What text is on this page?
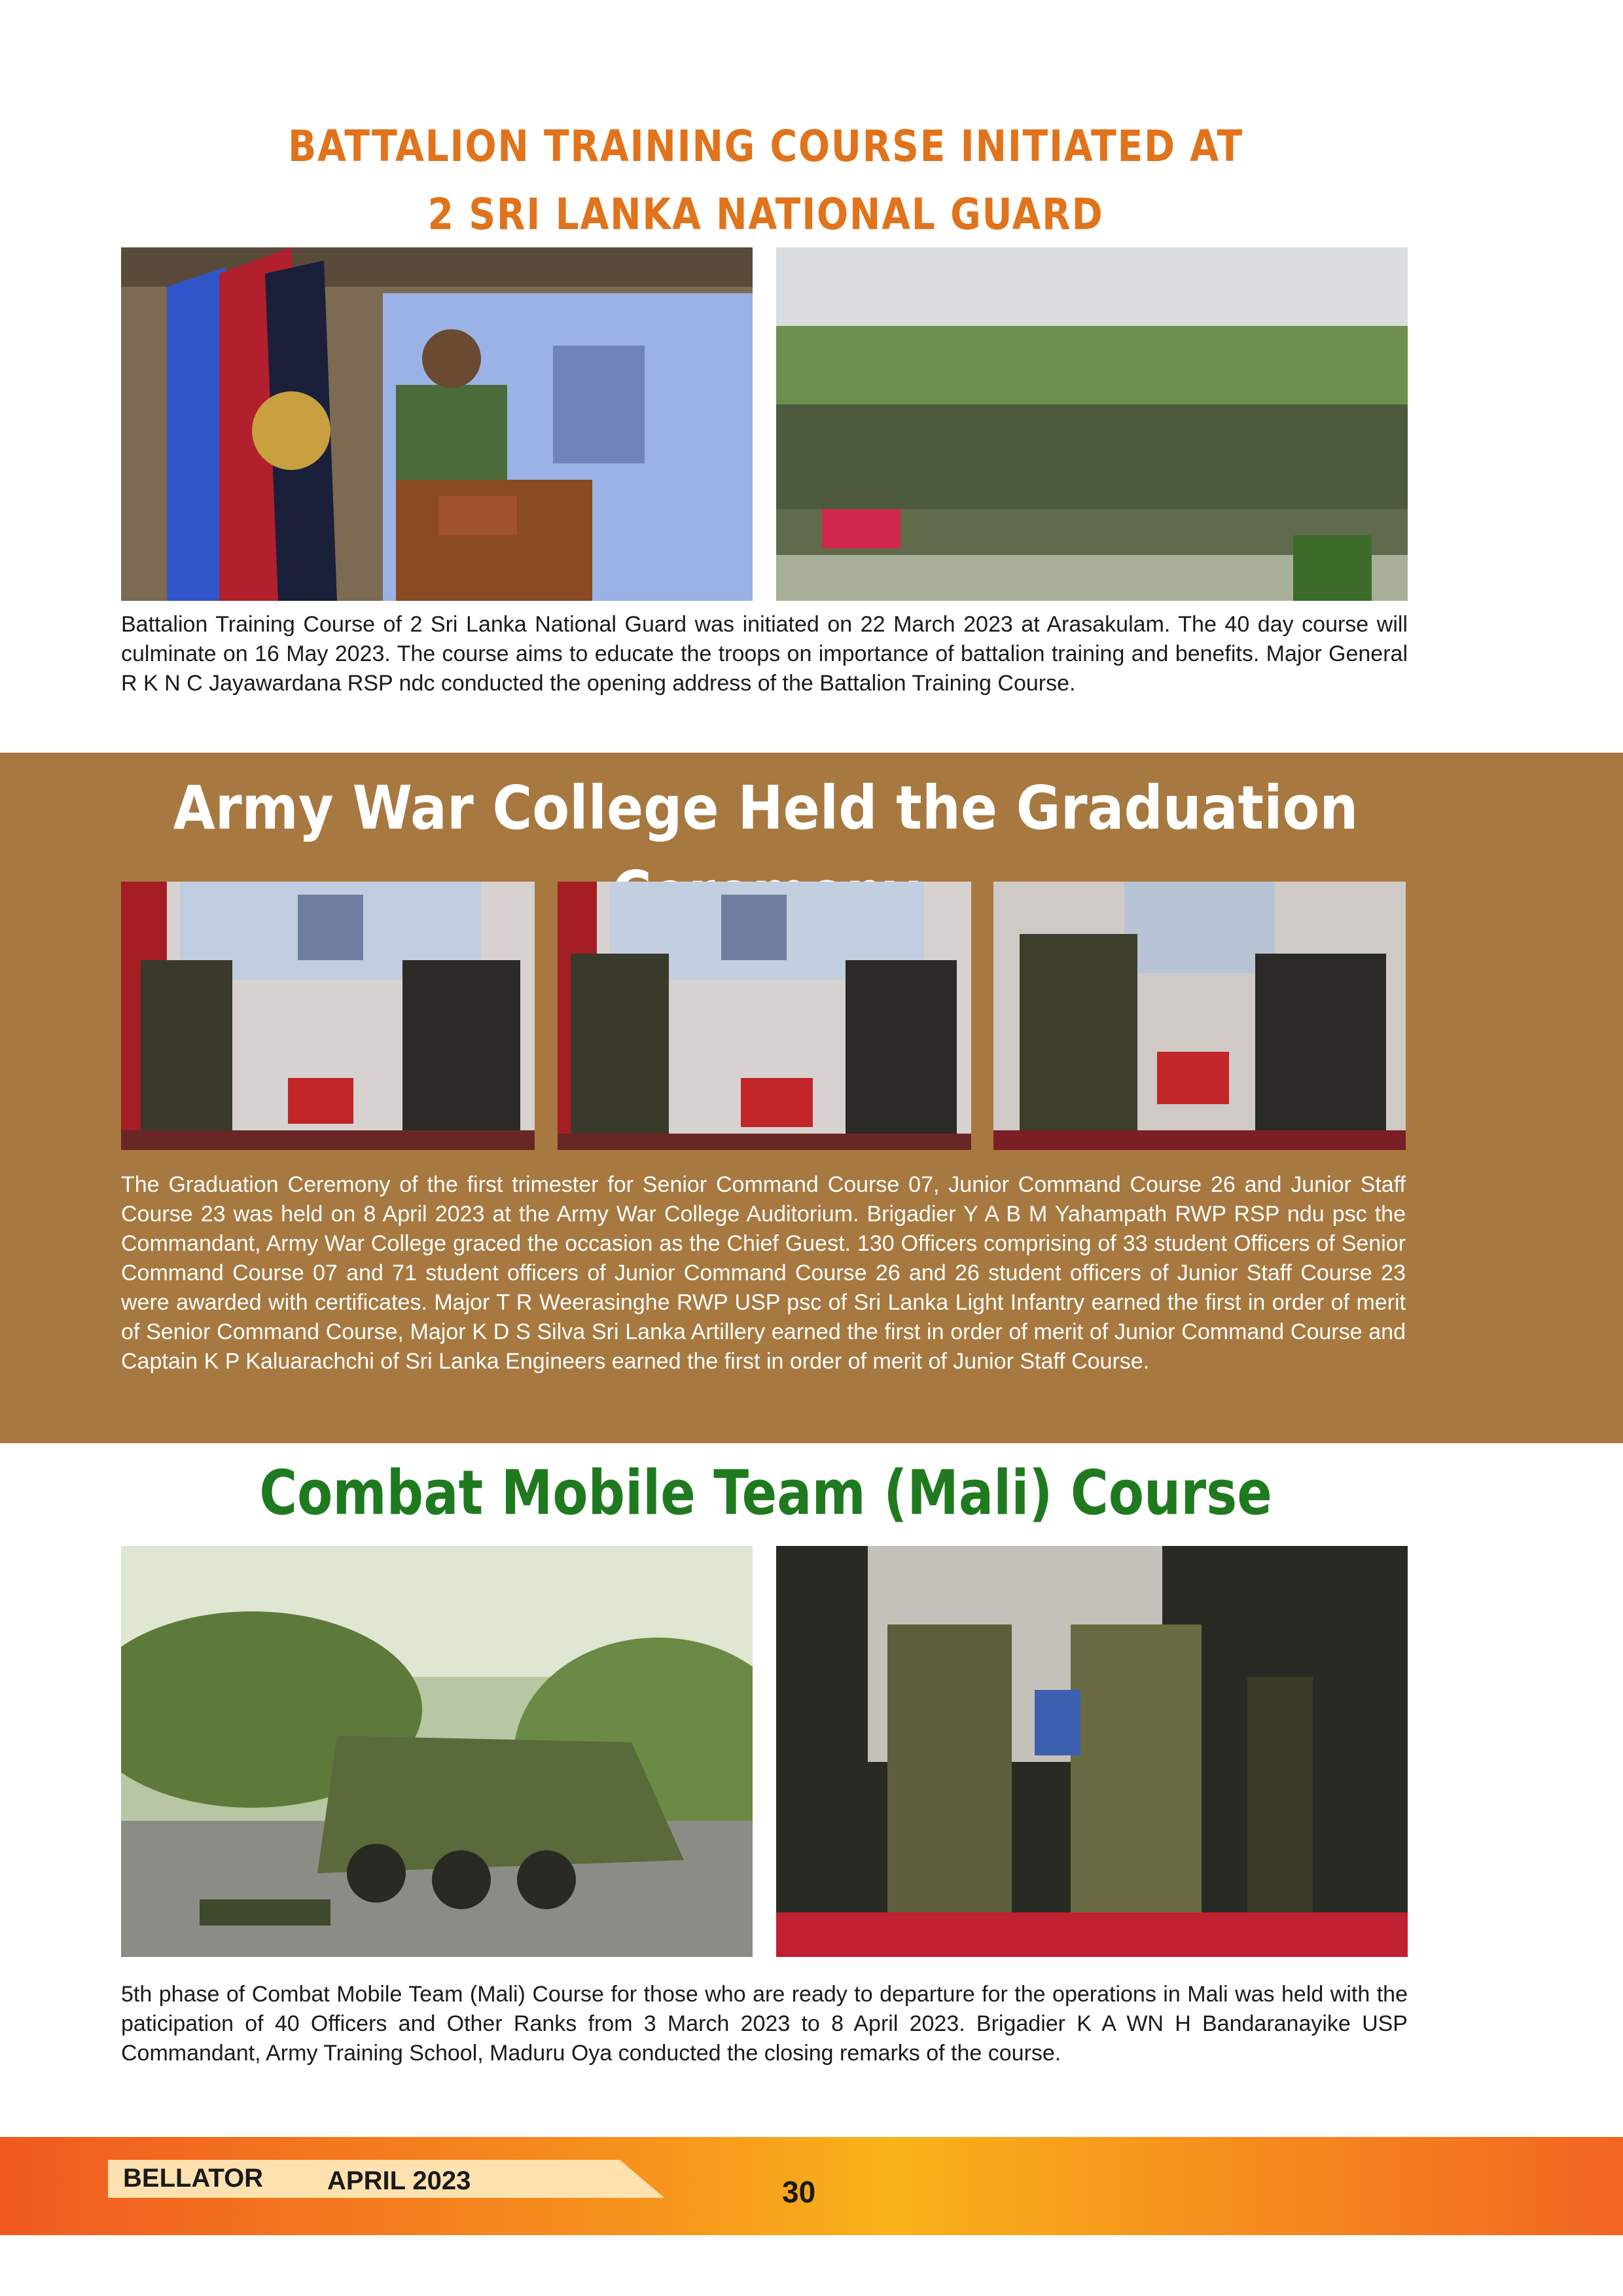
BATTALION TRAINING COURSE INITIATED AT
2 SRI LANKA NATIONAL GUARD
Battalion Training Course of 2 Sri Lanka National Guard was initiated on 22 March 2023 at Arasakulam. The 40 day course will culminate on 16 May 2023. The course aims to educate the troops on importance of battalion training and benefits. Major General R K N C Jayawardana RSP ndc conducted the opening address of the Battalion Training Course.
Army War College Held the Graduation
The Graduation Ceremony of the first trimester for Senior Command Course 07, Junior Command Course 26 and Junior Staff Course 23 was held on 8 April 2023 at the Army War College Auditorium. Brigadier Y A B M Yahampath RWP RSP ndu psc the Commandant, Army War College graced the occasion as the Chief Guest. 130 Officers comprising of 33 student Officers of Senior Command Course 07 and 71 student officers of Junior Command Course 26 and 26 student officers of Junior Staff Course 23 were awarded with certificates. Major T R Weerasinghe RWP USP psc of Sri Lanka Light Infantry earned the first in order of merit of Senior Command Course, Major K D S Silva Sri Lanka Artillery earned the first in order of merit of Junior Command Course and Captain K P Kaluarachchi of Sri Lanka Engineers earned the first in order of merit of Junior Staff Course.
Combat Mobile Team (Mali) Course
5th phase of Combat Mobile Team (Mali) Course for those who are ready to departure for the operations in Mali was held with the paticipation of 40 Officers and Other Ranks from 3 March 2023 to 8 April 2023. Brigadier K A WN H Bandaranayike USP Commandant, Army Training School, Maduru Oya conducted the closing remarks of the course.
BELLATOR APRIL 2023	30
